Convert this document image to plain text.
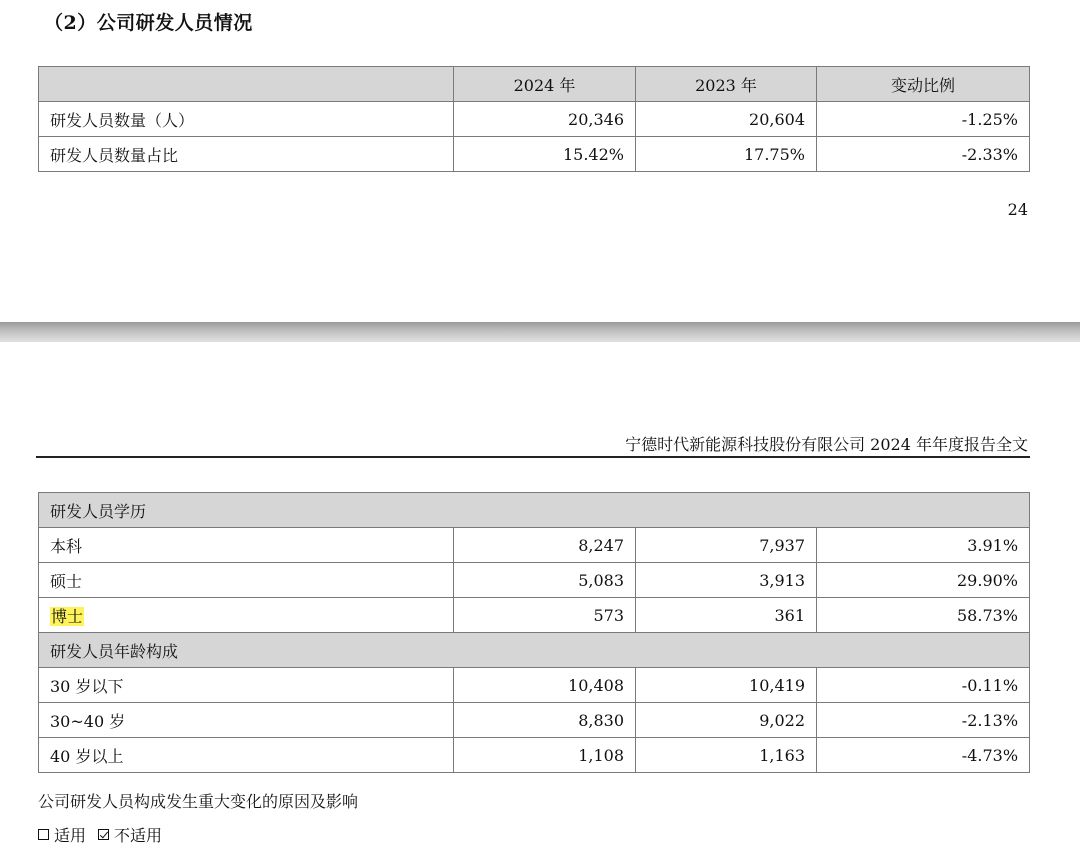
（2）公司研发人员情况
	2024 年	2023 年	变动比例
研发人员数量（人）	20,346	20,604	-1.25%
研发人员数量占比	15.42%	17.75%	-2.33%
24
宁德时代新能源科技股份有限公司 2024 年年度报告全文
研发人员学历			
本科	8,247	7,937	3.91%
硕士	5,083	3,913	29.90%
博士	573	361	58.73%
研发人员年龄构成			
30 岁以下	10,408	10,419	-0.11%
30~40 岁	8,830	9,022	-2.13%
40 岁以上	1,108	1,163	-4.73%
公司研发人员构成发生重大变化的原因及影响
适用 不适用
